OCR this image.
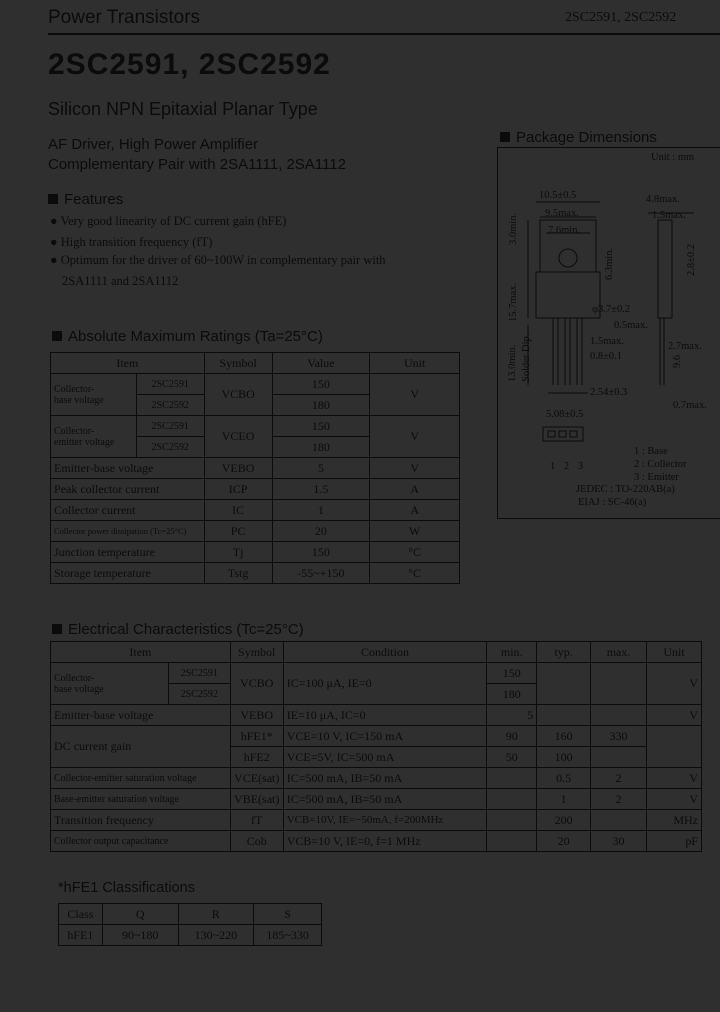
Power Transistors	2SC2591, 2SC2592
2SC2591, 2SC2592
Silicon NPN Epitaxial Planar Type
AF Driver, High Power Amplifier
Complementary Pair with 2SA1111, 2SA1112
Features
● Very good linearity of DC current gain (hFE)
● High transition frequency (fT)
● Optimum for the driver of 60~100W in complementary pair with
2SA1111 and 2SA1112
Absolute Maximum Ratings (Ta=25°C)
Item		Symbol	Value	Unit
Collector-
base voltage	2SC2591	VCBO	150	V
	2SC2592		180	
Collector-
emitter voltage	2SC2591	VCEO	150	V
	2SC2592		180	
Emitter-base voltage		VEBO	5	V
Peak collector current		ICP	1.5	A
Collector current		IC	1	A
Collector power dissipation (Tc=25°C)		PC	20	W
Junction temperature		Tj	150	°C
Storage temperature		Tstg	-55~+150	°C
Package Dimensions
Unit : mm
10.5±0.5
9.5max.
7.6min.
4.8max.
1.5max.
3.0min.
6.3min.
15.7max.
2.8±0.2
φ3.7±0.2
0.5max.
1.5max.
0.8±0.1
2.7max.
13.0min. Solder Dip.	9.6
2.54±0.3
0.7max.
5.08±0.5
1 2 3
1 : Base
2 : Collector
3 : Emitter
JEDEC : TO-220AB(a)
EIAJ : SC-46(a)
Electrical Characteristics (Tc=25°C)
Item		Symbol	Condition	min.	typ.	max.	Unit
Collector-
base voltage	2SC2591	VCBO	IC=100 μA, IE=0	150			V
	2SC2592			180			
Emitter-base voltage		VEBO	IE=10 μA, IC=0	5			V
DC current gain		hFE1*	VCE=10 V, IC=150 mA	90	160	330	
		hFE2	VCE=5V, IC=500 mA	50	100		
Collector-emitter saturation voltage		VCE(sat)	IC=500 mA, IB=50 mA		0.5	2	V
Base-emitter saturation voltage		VBE(sat)	IC=500 mA, IB=50 mA		1	2	V
Transition frequency		fT	VCB=10V, IE=−50mA, f=200MHz		200		MHz
Collector output capacitance		Cob	VCB=10 V, IE=0, f=1 MHz		20	30	pF
*hFE1 Classifications
Class	Q	R	S
hFE1	90~180	130~220	185~330
